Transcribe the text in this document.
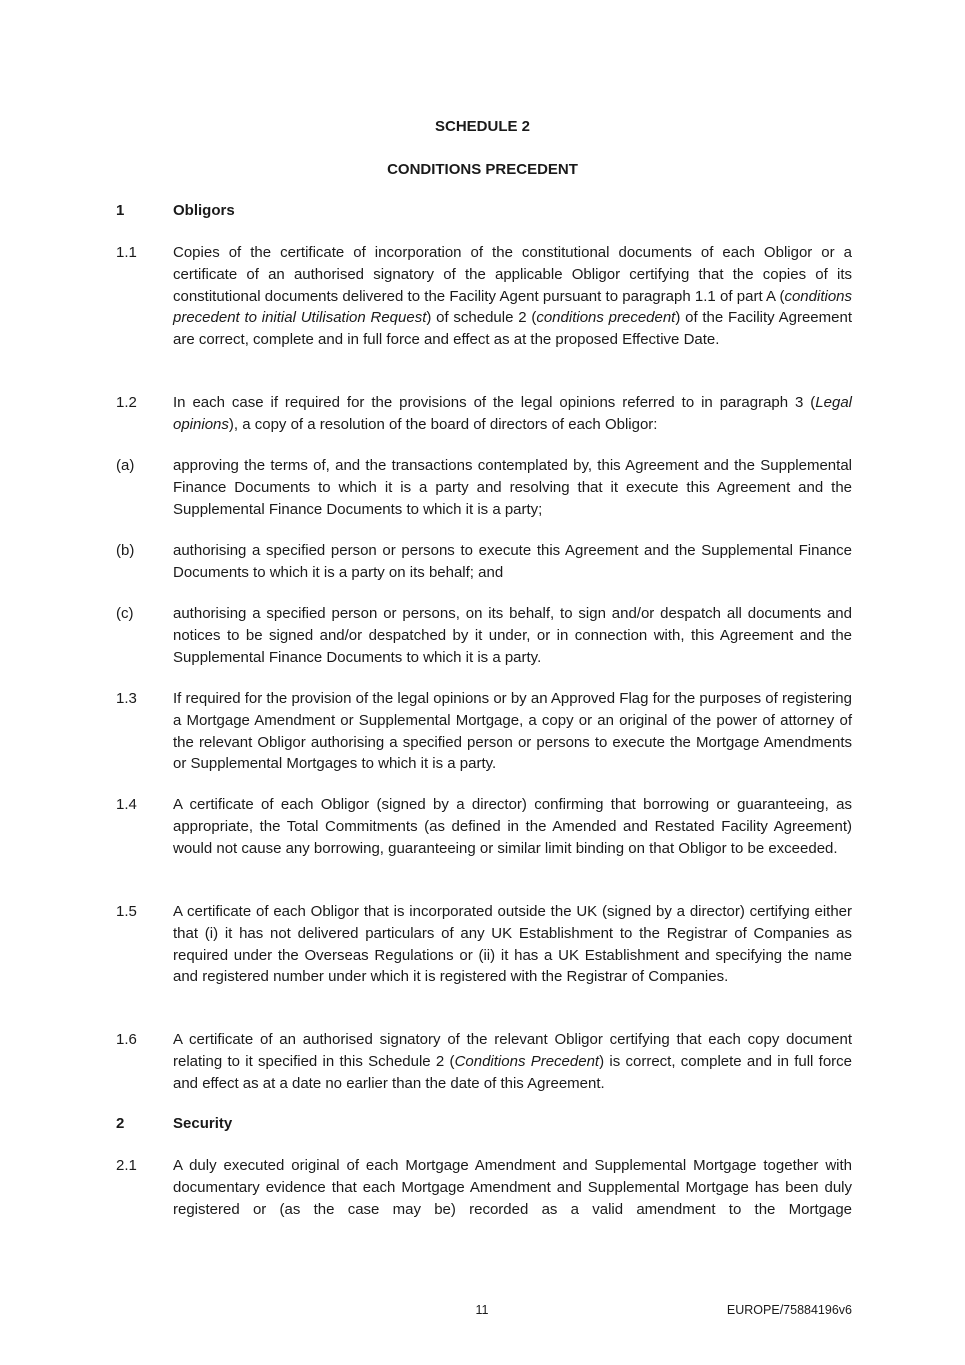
SCHEDULE 2
CONDITIONS PRECEDENT
1	Obligors
1.1	Copies of the certificate of incorporation of the constitutional documents of each Obligor or a certificate of an authorised signatory of the applicable Obligor certifying that the copies of its constitutional documents delivered to the Facility Agent pursuant to paragraph 1.1 of part A (conditions precedent to initial Utilisation Request) of schedule 2 (conditions precedent) of the Facility Agreement are correct, complete and in full force and effect as at the proposed Effective Date.
1.2	In each case if required for the provisions of the legal opinions referred to in paragraph 3 (Legal opinions), a copy of a resolution of the board of directors of each Obligor:
(a)	approving the terms of, and the transactions contemplated by, this Agreement and the Supplemental Finance Documents to which it is a party and resolving that it execute this Agreement and the Supplemental Finance Documents to which it is a party;
(b)	authorising a specified person or persons to execute this Agreement and the Supplemental Finance Documents to which it is a party on its behalf; and
(c)	authorising a specified person or persons, on its behalf, to sign and/or despatch all documents and notices to be signed and/or despatched by it under, or in connection with, this Agreement and the Supplemental Finance Documents to which it is a party.
1.3	If required for the provision of the legal opinions or by an Approved Flag for the purposes of registering a Mortgage Amendment or Supplemental Mortgage, a copy or an original of the power of attorney of the relevant Obligor authorising a specified person or persons to execute the Mortgage Amendments or Supplemental Mortgages to which it is a party.
1.4	A certificate of each Obligor (signed by a director) confirming that borrowing or guaranteeing, as appropriate, the Total Commitments (as defined in the Amended and Restated Facility Agreement) would not cause any borrowing, guaranteeing or similar limit binding on that Obligor to be exceeded.
1.5	A certificate of each Obligor that is incorporated outside the UK (signed by a director) certifying either that (i) it has not delivered particulars of any UK Establishment to the Registrar of Companies as required under the Overseas Regulations or (ii) it has a UK Establishment and specifying the name and registered number under which it is registered with the Registrar of Companies.
1.6	A certificate of an authorised signatory of the relevant Obligor certifying that each copy document relating to it specified in this Schedule 2 (Conditions Precedent) is correct, complete and in full force and effect as at a date no earlier than the date of this Agreement.
2	Security
2.1	A duly executed original of each Mortgage Amendment and Supplemental Mortgage together with documentary evidence that each Mortgage Amendment and Supplemental Mortgage has been duly registered or (as the case may be) recorded as a valid amendment to the Mortgage
11	EUROPE/75884196v6
